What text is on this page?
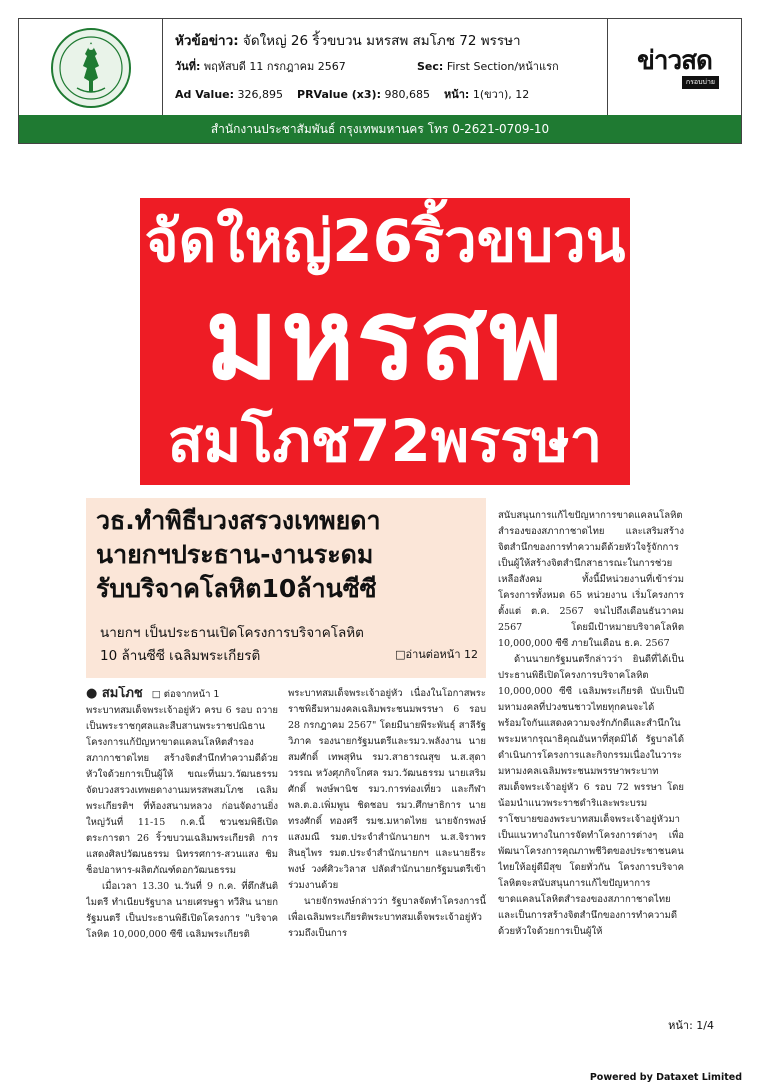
หัวข้อข่าว: จัดใหญ่ 26 ริ้วขบวน มหรสพ สมโภช 72 พรรษา
วันที่: พฤหัสบดี 11 กรกฎาคม 2567	Sec: First Section/หน้าแรก
Ad Value: 326,895 PRValue (x3): 980,685 หน้า: 1(ขวา), 12
ข่าวสด
กรอบบ่าย
สำนักงานประชาสัมพันธ์ กรุงเทพมหานคร โทร 0-2621-0709-10
จัดใหญ่26ริ้วขบวน
มหรสพ
สมโภช72พรรษา
วธ.ทำพิธีบวงสรวงเทพยดา
นายกฯประธาน-งานระดม
รับบริจาคโลหิต10ล้านซีซี
นายกฯ เป็นประธานเปิดโครงการบริจาคโลหิต
10 ล้านซีซี เฉลิมพระเกียรติ	□อ่านต่อหน้า 12

● สมโภช □ ต่อจากหน้า 1

พระบาทสมเด็จพระเจ้าอยู่หัว ครบ 6 รอบ ถวายเป็นพระราชกุศลและสืบสานพระราชปณิธานโครงการแก้ปัญหาขาดแคลนโลหิตสำรอง สภากาชาดไทย สร้างจิตสำนึกทำความดีด้วยหัวใจด้วยการเป็นผู้ให้ ขณะที่นมว.วัฒนธรรมจัดบวงสรวงเทพยดางานมหรสพสมโภช เฉลิมพระเกียรติฯ ที่ท้องสนามหลวง ก่อนจัดงานยิ่งใหญ่วันที่ 11-15 ก.ค.นี้ ชวนชมพิธีเปิด ตระการตา 26 ริ้วขบวนเฉลิมพระเกียรติ การแสดงศิลปวัฒนธรรม นิทรรศการ-สวนแสง ชิม ช็อปอาหาร-ผลิตภัณฑ์ดอกวัฒนธรรม

เมื่อเวลา 13.30 น.วันที่ 9 ก.ค. ที่ตึกสันติไมตรี ทำเนียบรัฐบาล นายเศรษฐา ทวีสิน นายกรัฐมนตรี เป็นประธานพิธีเปิดโครงการ "บริจาคโลหิต 10,000,000 ซีซี เฉลิมพระเกียรติ

พระบาทสมเด็จพระเจ้าอยู่หัว เนื่องในโอกาสพระราชพิธีมหามงคลเฉลิมพระชนมพรรษา 6 รอบ 28 กรกฎาคม 2567" โดยมีนายพีระพันธุ์ สาลีรัฐวิภาค รองนายกรัฐมนตรีและรมว.พลังงาน นายสมศักดิ์ เทพสุทิน รมว.สาธารณสุข น.ส.สุดาวรรณ หวังศุภกิจโกศล รมว.วัฒนธรรม นายเสริมศักดิ์ พงษ์พานิช รมว.การท่องเที่ยว และกีฬา พล.ต.อ.เพิ่มพูน ชิดชอบ รมว.ศึกษาธิการ นายทรงศักดิ์ ทองศรี รมช.มหาดไทย นายจักรพงษ์ แสงมณี รมต.ประจำสำนักนายกฯ น.ส.จิราพร สินธุไพร รมต.ประจำสำนักนายกฯ และนายธีระพงษ์ วงศ์ศิวะวิลาส ปลัดสำนักนายกรัฐมนตรีเข้าร่วมงานด้วย

นายจักรพงษ์กล่าวว่า รัฐบาลจัดทำโครงการนี้ เพื่อเฉลิมพระเกียรติพระบาทสมเด็จพระเจ้าอยู่หัว รวมถึงเป็นการ

สนับสนุนการแก้ไขปัญหาการขาดแคลนโลหิตสำรองของสภากาชาดไทย และเสริมสร้างจิตสำนึกของการทำความดีด้วยหัวใจรู้จักการเป็นผู้ให้สร้างจิตสำนึกสาธารณะในการช่วยเหลือสังคม ทั้งนี้มีหน่วยงานที่เข้าร่วมโครงการทั้งหมด 65 หน่วยงาน เริ่มโครงการตั้งแต่ ต.ค. 2567 จนไปถึงเดือนธันวาคม 2567 โดยมีเป้าหมายบริจาคโลหิต 10,000,000 ซีซี ภายในเดือน ธ.ค. 2567

ด้านนายกรัฐมนตรีกล่าวว่า ยินดีที่ได้เป็นประธานพิธีเปิดโครงการบริจาคโลหิต 10,000,000 ซีซี เฉลิมพระเกียรติ นับเป็นปีมหามงคลที่ปวงชนชาวไทยทุกคนจะได้พร้อมใจกันแสดงความจงรักภักดีและสำนึกในพระมหากรุณาธิคุณอันหาที่สุดมิได้ รัฐบาลได้ดำเนินการโครงการและกิจกรรมเนื่องในวาระมหามงคลเฉลิมพระชนมพรรษาพระบาทสมเด็จพระเจ้าอยู่หัว 6 รอบ 72 พรรษา โดยน้อมนำแนวพระราชดำริและพระบรมราโชบายของพระบาทสมเด็จพระเจ้าอยู่หัวมาเป็นแนวทางในการจัดทำโครงการต่างๆ เพื่อพัฒนาโครงการคุณภาพชีวิตของประชาชนคนไทยให้อยู่ดีมีสุข โดยทั่วกัน โครงการบริจาคโลหิตจะสนับสนุนการแก้ไขปัญหาการขาดแคลนโลหิตสำรองของสภากาชาดไทยและเป็นการสร้างจิตสำนึกของการทำความดีด้วยหัวใจด้วยการเป็นผู้ให้

หน้า: 1/4
Powered by Dataxet Limited
